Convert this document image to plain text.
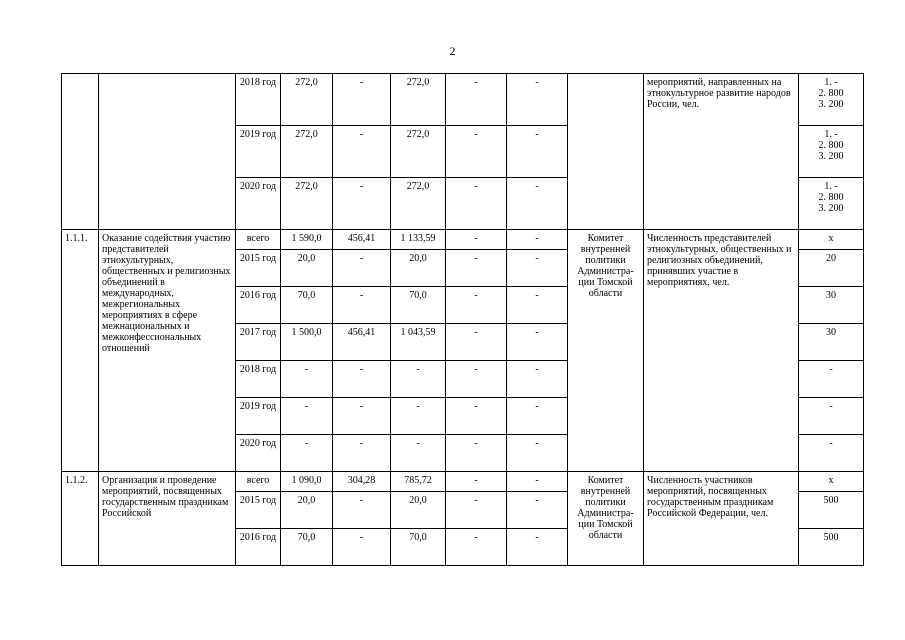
2
		2018 год	272,0	-	272,0	-	-		мероприятий, направленных на этнокультурное развитие народов России, чел.	1. -
2. 800
3. 200
		2019 год	272,0	-	272,0	-	-			1. -
2. 800
3. 200
		2020 год	272,0	-	272,0	-	-			1. -
2. 800
3. 200
1.1.1.	Оказание содействия участию представителей этнокультурных, общественных и религиозных объединений в международных, межрегиональных мероприятиях в сфере межнациональных и межконфессиональных отношений	всего	1 590,0	456,41	1 133,59	-	-	Комитет внутренней политики Администра-ции Томской области	Численность представителей этнокультурных, общественных и религиозных объединений, принявших участие в мероприятиях, чел.	х
		2015 год	20,0	-	20,0	-	-			20
		2016 год	70,0	-	70,0	-	-			30
		2017 год	1 500,0	456,41	1 043,59	-	-			30
		2018 год	-	-	-	-	-			-
		2019 год	-	-	-	-	-			-
		2020 год	-	-	-	-	-			-
1.1.2.	Организация и проведение мероприятий, посвященных государственным праздникам Российской	всего	1 090,0	304,28	785,72	-	-	Комитет внутренней политики Администра-ции Томской области	Численность участников мероприятий, посвященных государственным праздникам Российской Федерации, чел.	х
		2015 год	20,0	-	20,0	-	-			500
		2016 год	70,0	-	70,0	-	-			500
